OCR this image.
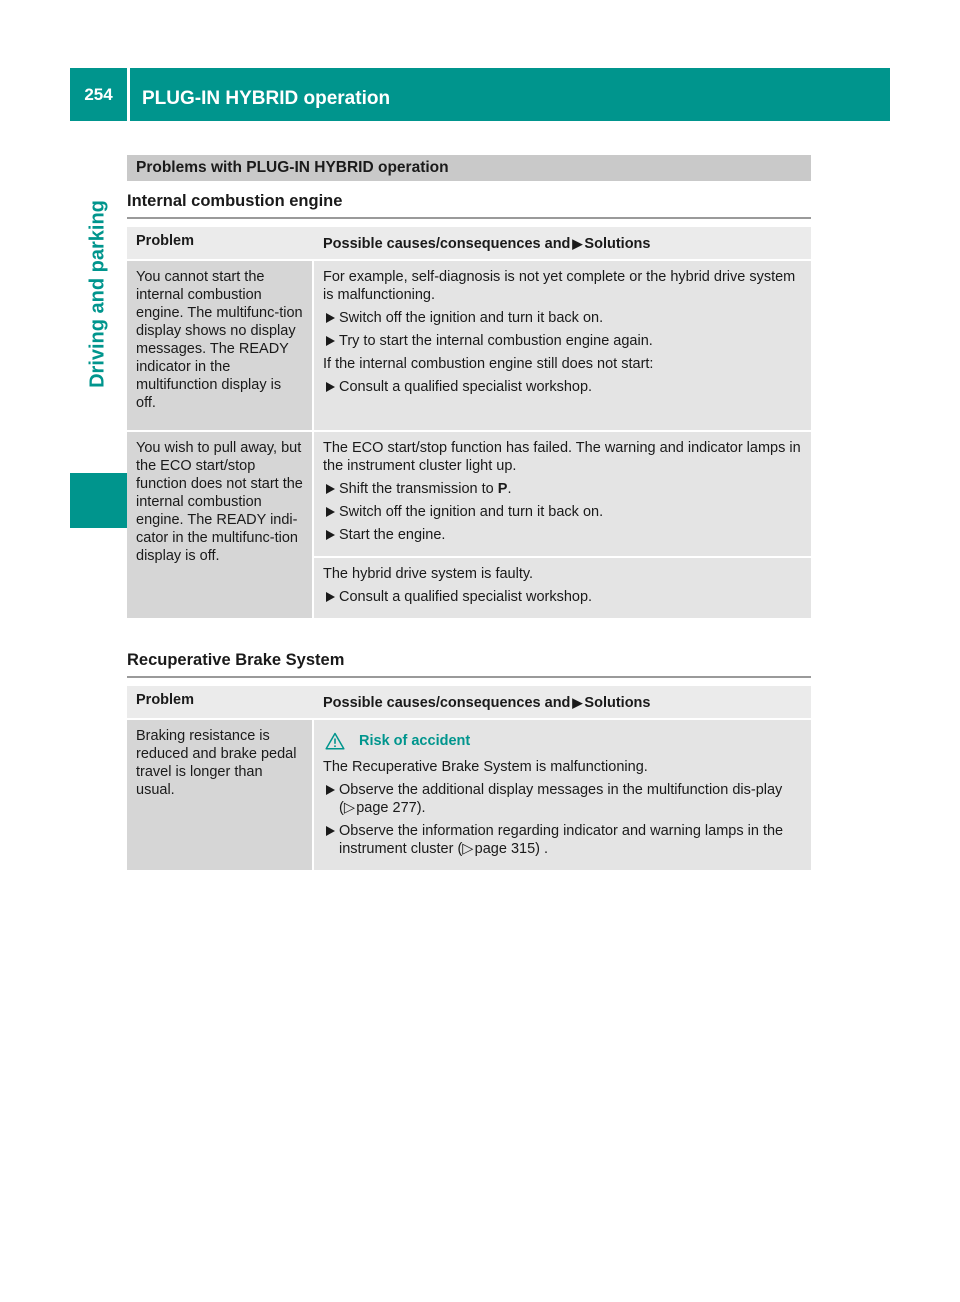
254	PLUG-IN HYBRID operation
Driving and parking
Problems with PLUG-IN HYBRID operation
Internal combustion engine
Problem	Possible causes/consequences and ▶ Solutions
You cannot start the internal combustion engine. The multifunc-tion display shows no display messages. The READY indicator in the multifunction display is off.	For example, self-diagnosis is not yet complete or the hybrid drive system is malfunctioning.

Switch off the ignition and turn it back on.

Try to start the internal combustion engine again.

If the internal combustion engine still does not start:

Consult a qualified specialist workshop.

You wish to pull away, but the ECO start/stop function does not start the internal combustion engine. The READY indi-cator in the multifunc-tion display is off.	The ECO start/stop function has failed. The warning and indicator lamps in the instrument cluster light up.

Shift the transmission to P.

Switch off the ignition and turn it back on.

Start the engine.

	The hybrid drive system is faulty.

Consult a qualified specialist workshop.

Recuperative Brake System
Problem	Possible causes/consequences and ▶ Solutions
Braking resistance is reduced and brake pedal travel is longer than usual.	Risk of accident

The Recuperative Brake System is malfunctioning.

Observe the additional display messages in the multifunction dis-play (▷ page 277).

Observe the information regarding indicator and warning lamps in the instrument cluster (▷ page 315) .
